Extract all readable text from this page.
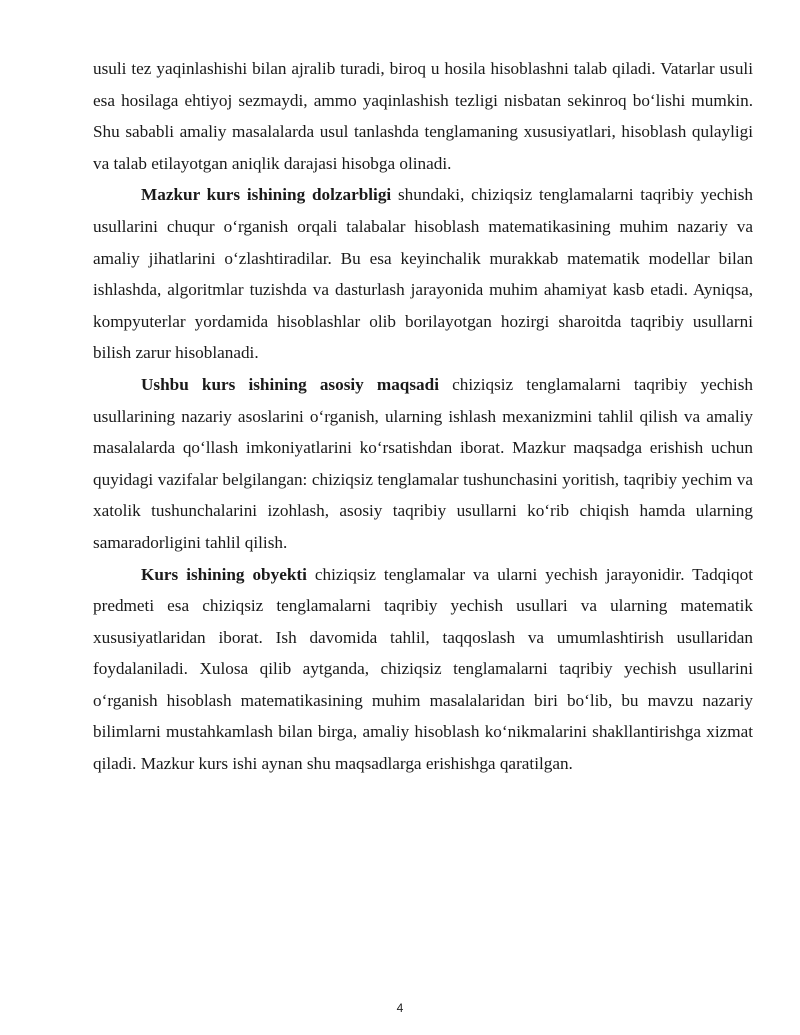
usuli tez yaqinlashishi bilan ajralib turadi, biroq u hosila hisoblashni talab qiladi. Vatarlar usuli esa hosilaga ehtiyoj sezmaydi, ammo yaqinlashish tezligi nisbatan sekinroq bo‘lishi mumkin. Shu sababli amaliy masalalarda usul tanlashda tenglamaning xususiyatlari, hisoblash qulayligi va talab etilayotgan aniqlik darajasi hisobga olinadi.

Mazkur kurs ishining dolzarbligi shundaki, chiziqsiz tenglamalarni taqribiy yechish usullarini chuqur o‘rganish orqali talabalar hisoblash matematikasining muhim nazariy va amaliy jihatlarini o‘zlashtiradilar. Bu esa keyinchalik murakkab matematik modellar bilan ishlashda, algoritmlar tuzishda va dasturlash jarayonida muhim ahamiyat kasb etadi. Ayniqsa, kompyuterlar yordamida hisoblashlar olib borilayotgan hozirgi sharoitda taqribiy usullarni bilish zarur hisoblanadi.

Ushbu kurs ishining asosiy maqsadi chiziqsiz tenglamalarni taqribiy yechish usullarining nazariy asoslarini o‘rganish, ularning ishlash mexanizmini tahlil qilish va amaliy masalalarda qo‘llash imkoniyatlarini ko‘rsatishdan iborat. Mazkur maqsadga erishish uchun quyidagi vazifalar belgilangan: chiziqsiz tenglamalar tushunchasini yoritish, taqribiy yechim va xatolik tushunchalarini izohlash, asosiy taqribiy usullarni ko‘rib chiqish hamda ularning samaradorligini tahlil qilish.

Kurs ishining obyekti chiziqsiz tenglamalar va ularni yechish jarayonidir. Tadqiqot predmeti esa chiziqsiz tenglamalarni taqribiy yechish usullari va ularning matematik xususiyatlaridan iborat. Ish davomida tahlil, taqqoslash va umumlashtirish usullaridan foydalaniladi. Xulosa qilib aytganda, chiziqsiz tenglamalarni taqribiy yechish usullarini o‘rganish hisoblash matematikasining muhim masalalaridan biri bo‘lib, bu mavzu nazariy bilimlarni mustahkamlash bilan birga, amaliy hisoblash ko‘nikmalarini shakllantirishga xizmat qiladi. Mazkur kurs ishi aynan shu maqsadlarga erishishga qaratilgan.

4
